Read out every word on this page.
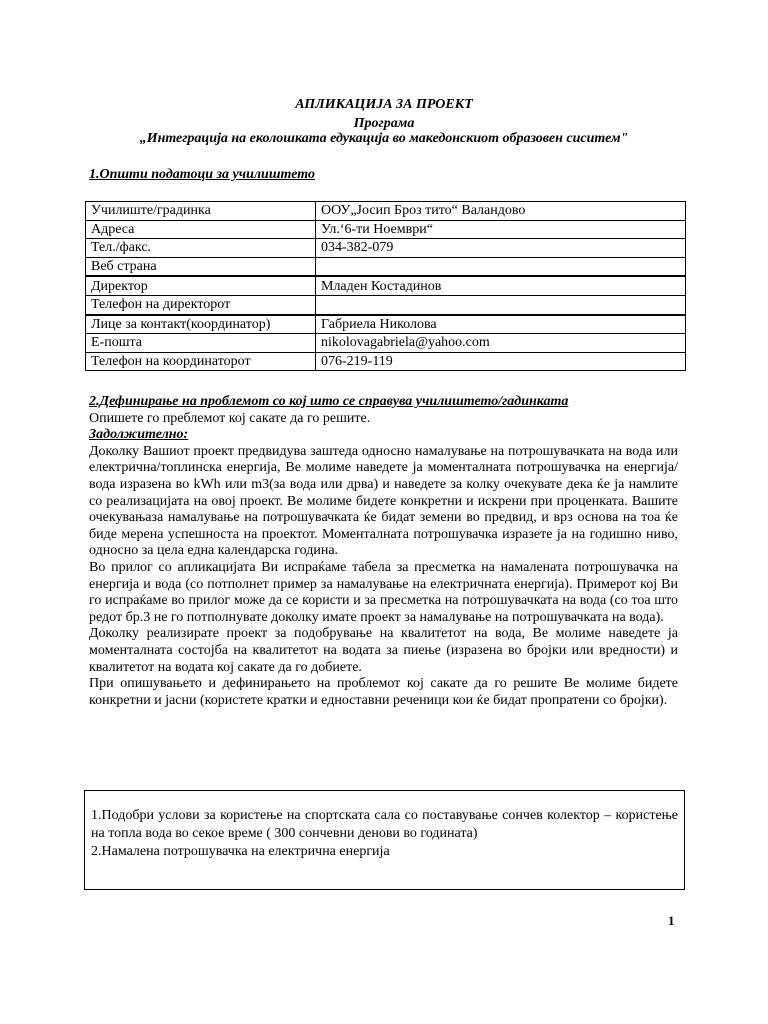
АПЛИКАЦИЈА ЗА ПРОЕКТ
Програма
„Интеграција на еколошката едукација во македонскиот образовен сиситем"
1.Општи податоци за училиштето
Училиште/градинка	ООУ„Јосип Броз тито“ Валандово
Адреса	Ул.‘6-ти Ноември“
Тел./факс.	034-382-079
Веб страна	
Директор	Младен Костадинов
Телефон на директорот	
Лице за контакт(координатор)	Габриела Николова
Е-пошта	nikolovagabriela@yahoo.com
Телефон на координаторот	076-219-119

2.Дефинирање на проблемот со кој што се справува училиштето/гадинката

Опишете го преблемот кој сакате да го решите.

Задолжително:

Доколку Вашиот проект предвидува заштеда односно намалување на потрошувачката на вода или електрична/топлинска енергија, Ве молиме наведете ја моменталната потрошувачка на енергија/вода изразена во kWh или m3(за вода или дрва) и наведете за колку очекувате дека ќе ја намлите со реализацијата на овој проект. Ве молиме бидете конкретни и искрени при проценката. Вашите очекувањаза намалување на потрошувачката ќе бидат земени во предвид, и врз основа на тоа ќе биде мерена успешноста на проектот. Моменталната потрошувачка изразете ја на годишно ниво, односно за цела една календарска година.

Во прилог со апликацијата Ви испраќаме табела за пресметка на намалената потрошувачка на енергија и вода (со потполнет пример за намалување на електричната енергија). Примерот кој Ви го испраќаме во прилог може да се користи и за пресметка на потрошувачката на вода (со тоа што редот бр.3 не го потполнувате доколку имате проект за намалување на потрошувачката на вода).

Доколку реализирате проект за подобрување на квалитетот на вода, Ве молиме наведете ја моменталната состојба на квалитетот на водата за пиење (изразена во бројки или вредности) и квалитетот на водата кој сакате да го добиете.

При опишувањето и дефинирањето на проблемот кој сакате да го решите Ве молиме бидете конкретни и јасни (користете кратки и едноставни реченици кои ќе бидат пропратени со бројки).

1.Подобри услови за користење на спортската сала со поставување сончев колектор – користење на топла вода во секое време ( 300 сончевни денови во годината)
2.Намалена потрошувачка на електрична енергија
1
